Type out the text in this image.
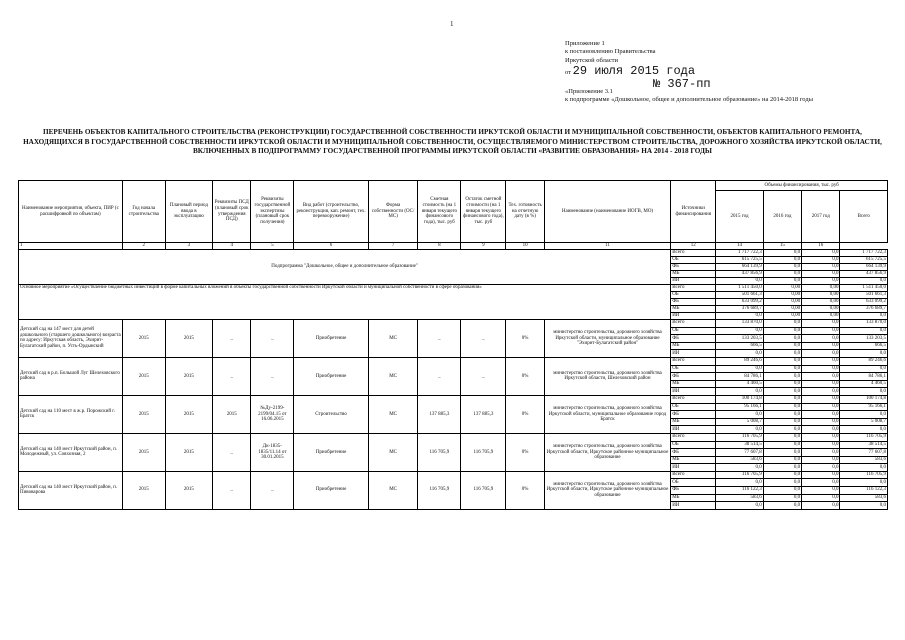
1
Приложение 1
к постановлению Правительства
Иркутской области
от 29 июля 2015 года
№ 367-пп
«Приложение 3.1
к подпрограмме «Дошкольное, общее и дополнительное образование» на 2014-2018 годы
ПЕРЕЧЕНЬ ОБЪЕКТОВ КАПИТАЛЬНОГО СТРОИТЕЛЬСТВА (РЕКОНСТРУКЦИИ) ГОСУДАРСТВЕННОЙ СОБСТВЕННОСТИ ИРКУТСКОЙ ОБЛАСТИ И МУНИЦИПАЛЬНОЙ СОБСТВЕННОСТИ, ОБЪЕКТОВ КАПИТАЛЬНОГО РЕМОНТА, НАХОДЯЩИХСЯ В ГОСУДАРСТВЕННОЙ СОБСТВЕННОСТИ ИРКУТСКОЙ ОБЛАСТИ И МУНИЦИПАЛЬНОЙ СОБСТВЕННОСТИ, ОСУЩЕСТВЛЯЕМОГО МИНИСТЕРСТВОМ СТРОИТЕЛЬСТВА, ДОРОЖНОГО ХОЗЯЙСТВА ИРКУТСКОЙ ОБЛАСТИ, ВКЛЮЧЕННЫХ В ПОДПРОГРАММУ ГОСУДАРСТВЕННОЙ ПРОГРАММЫ ИРКУТСКОЙ ОБЛАСТИ «РАЗВИТИЕ ОБРАЗОВАНИЯ» НА 2014 - 2018 ГОДЫ
Наименование мероприятия, объекта, ПИР (с расшифровкой по объектам)	Год начала строительства	Плановый период ввода в эксплуатацию	Реквизиты ПСД (плановый срок утверждения ПСД)	Реквизиты государственной экспертизы (плановый срок получения)	Вид работ (строительство, реконструкция, кап. ремонт, тех. перевооружение)	Форма собственности (ОС/МС)	Сметная стоимость (на 1 января текущего финансового года), тыс. руб	Остаток сметной стоимости (на 1 января текущего финансового года), тыс. руб	Тех. готовность на отчетную дату (в %)	Наименование (наименование ИОГВ, МО)	Источники финансирования	Объемы финансирования, тыс. руб			
												2015 год	2016 год	2017 год	Всего
1	2	3	4	5	6	7	8	9	10	11	12	14	15	16	
Подпрограмма "Дошкольное, общее и дополнительное образование"											Всего	1 717 722,3	0,0	0,0	1 717 722,3
											ОБ	615 725,5	0,0	0,0	615 725,5
											ФБ	664 139,9	0,0	0,0	664 139,9
											МБ	437 856,9	0,0	0,0	437 856,9
											ИИ	0,0	0,0	0,0	0,0
Основное мероприятие «Осуществление бюджетных инвестиций в форме капитальных вложений в объекты государственной собственности Иркутской области и муниципальной собственности в сфере образования»											Всего	1 511 450,0	0,00	0,00	1 511 450,0
											ОБ	501 661,3	0,00	0,00	501 661,3
											ФБ	633 099,2	0,00	0,00	633 099,2
											МБ	376 689,7	0,00	0,00	376 689,7
											ИИ	0,0	0,00	0,00	0,0
Детский сад на 147 мест для детей дошкольного (старшего дошкольного) возраста по адресу: Иркутская область, Эхирит-Булагатский район, п. Усть-Ордынский	2015	2015	_	_	Приобретение	МС	_	_	0%	министерство строительства, дорожного хозяйства Иркутской области, муниципальное образование "Эхирит-Булагатский район"	Всего	133 870,0	0,0	0,0	133 870,0
											ОБ	0,0	0,0	0,0	0,0
											ФБ	133 203,5	0,0	0,0	133 203,5
											МБ	666,5	0,0	0,0	666,5
											ИИ	0,0	0,0	0,0	0,0
Детский сад в р.п. Большой Луг Шелеховского района	2015	2015	_	_	Приобретение	МС	_	_	0%	министерство строительства, дорожного хозяйства Иркутской области, Шелеховский район	Всего	89 246,6	0,0	0,0	89 246,6
											ОБ	0,0	0,0	0,0	0,0
											ФБ	84 786,1	0,0	0,0	84 786,1
											МБ	4 460,5	0,0	0,0	4 460,5
											ИИ	0,0	0,0	0,0	0,0
Детский сад на 110 мест в ж.р. Порожский г. Братск	2015	2015	2015	№Ду-2199-2199/04.15 от 16.06.2015	Строительство	МС	137 885,3	137 885,3	0%	министерство строительства, дорожного хозяйства Иркутской области, муниципальное образование город Братск	Всего	100 174,8	0,0	0,0	100 174,8
											ОБ	95 166,1	0,0	0,0	95 166,1
											ФБ	0,0	0,0	0,0	0,0
											МБ	5 008,7	0,0	0,0	5 008,7
											ИИ	0,0	0,0	0,0	0,0
Детский сад на 140 мест Иркутский район, п. Молодежный, ул. Совхозная, 2	2015	2015	_	Дк-1835-1835/11.14 от 30.01.2015	Приобретение	МС	116 705,9	116 705,9	0%	министерство строительства, дорожного хозяйства Иркутской области, Иркутское районное муниципальное образование	Всего	116 705,9	0,0	0,0	116 705,9
											ОБ	38 514,5	0,0	0,0	38 514,5
											ФБ	77 607,8	0,0	0,0	77 607,8
											МБ	583,6	0,0	0,0	583,6
											ИИ	0,0	0,0	0,0	0,0
Детский сад на 140 мест Иркутский район, п. Пивоварова	2015	2015	_	_	Приобретение	МС	116 705,9	116 705,9	0%	министерство строительства, дорожного хозяйства Иркутской области, Иркутское районное муниципальное образование	Всего	116 705,9	0,0	0,0	116 705,9
											ОБ	0,0	0,0	0,0	0,0
											ФБ	116 122,3	0,0	0,0	116 122,3
											МБ	583,6	0,0	0,0	583,6
											ИИ	0,0	0,0	0,0	0,0
